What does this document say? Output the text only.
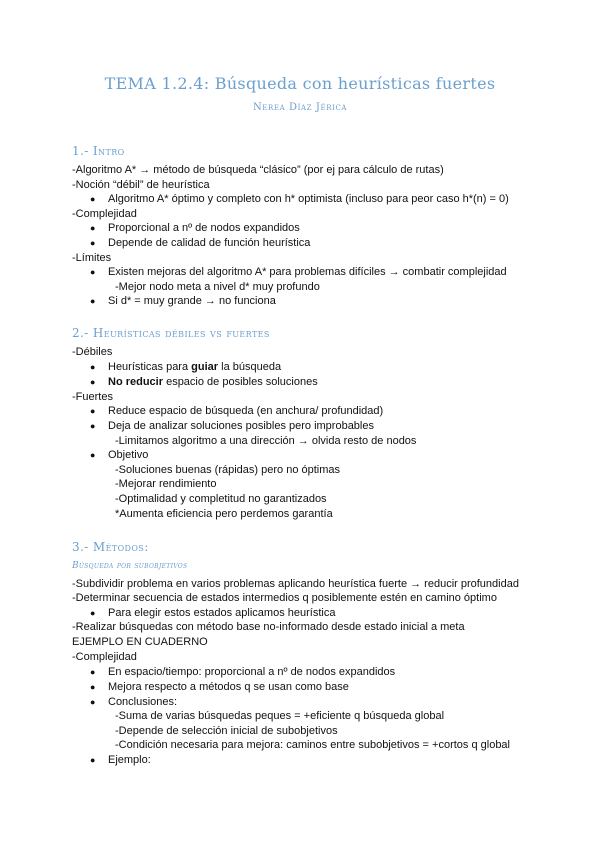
TEMA 1.2.4: Búsqueda con heurísticas fuertes
Nerea Díaz Jérica
1.- Intro
-Algoritmo A* → método de búsqueda “clásico” (por ej para cálculo de rutas)
-Noción “débil” de heurística
● Algoritmo A* óptimo y completo con h* optimista (incluso para peor caso h*(n) = 0)
-Complejidad
● Proporcional a nº de nodos expandidos
● Depende de calidad de función heurística
-Límites
● Existen mejoras del algoritmo A* para problemas difíciles → combatir complejidad
-Mejor nodo meta a nivel d* muy profundo
● Si d* = muy grande → no funciona
2.- Heurísticas débiles vs fuertes
-Débiles
● Heurísticas para guiar la búsqueda
● No reducir espacio de posibles soluciones
-Fuertes
● Reduce espacio de búsqueda (en anchura/ profundidad)
● Deja de analizar soluciones posibles pero improbables
-Limitamos algoritmo a una dirección → olvida resto de nodos
● Objetivo
-Soluciones buenas (rápidas) pero no óptimas
-Mejorar rendimiento
-Optimalidad y completitud no garantizados
*Aumenta eficiencia pero perdemos garantía
3.- Métodos:
Búsqueda por subobjetivos
-Subdividir problema en varios problemas aplicando heurística fuerte → reducir profundidad
-Determinar secuencia de estados intermedios q posiblemente estén en camino óptimo
● Para elegir estos estados aplicamos heurística
-Realizar búsquedas con método base no-informado desde estado inicial a meta
EJEMPLO EN CUADERNO
-Complejidad
● En espacio/tiempo: proporcional a nº de nodos expandidos
● Mejora respecto a métodos q se usan como base
● Conclusiones:
-Suma de varias búsquedas peques = +eficiente q búsqueda global
-Depende de selección inicial de subobjetivos
-Condición necesaria para mejora: caminos entre subobjetivos = +cortos q global
● Ejemplo:
